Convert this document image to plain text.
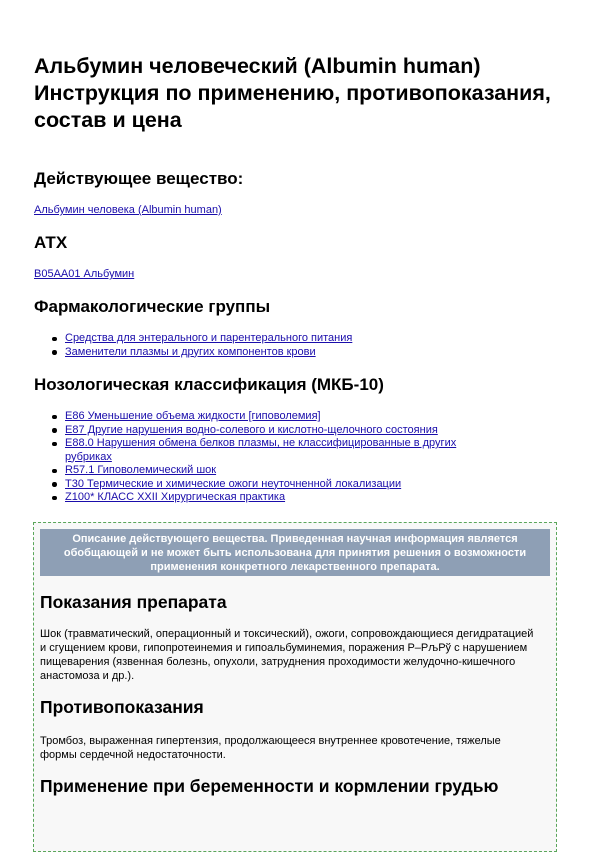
Альбумин человеческий (Albumin human) Инструкция по применению, противопоказания, состав и цена
Действующее вещество:
Альбумин человека (Albumin human)
АТХ
B05AA01 Альбумин
Фармакологические группы
Средства для энтерального и парентерального питания
Заменители плазмы и других компонентов крови
Нозологическая классификация (МКБ-10)
E86 Уменьшение объема жидкости [гиповолемия]
E87 Другие нарушения водно-солевого и кислотно-щелочного состояния
E88.0 Нарушения обмена белков плазмы, не классифицированные в других рубриках
R57.1 Гиповолемический шок
T30 Термические и химические ожоги неуточненной локализации
Z100* КЛАСС XXII Хирургическая практика
Описание действующего вещества. Приведенная научная информация является обобщающей и не может быть использована для принятия решения о возможности применения конкретного лекарственного препарата.
Показания препарата

Шок (травматический, операционный и токсический), ожоги, сопровождающиеся дегидратацией и сгущением крови, гипопротеинемия и гипоальбуминемия, поражения Р–РљРў с нарушением пищеварения (язвенная болезнь, опухоли, затруднения проходимости желудочно-кишечного анастомоза и др.).

Противопоказания

Тромбоз, выраженная гипертензия, продолжающееся внутреннее кровотечение, тяжелые формы сердечной недостаточности.

Применение при беременности и кормлении грудью
